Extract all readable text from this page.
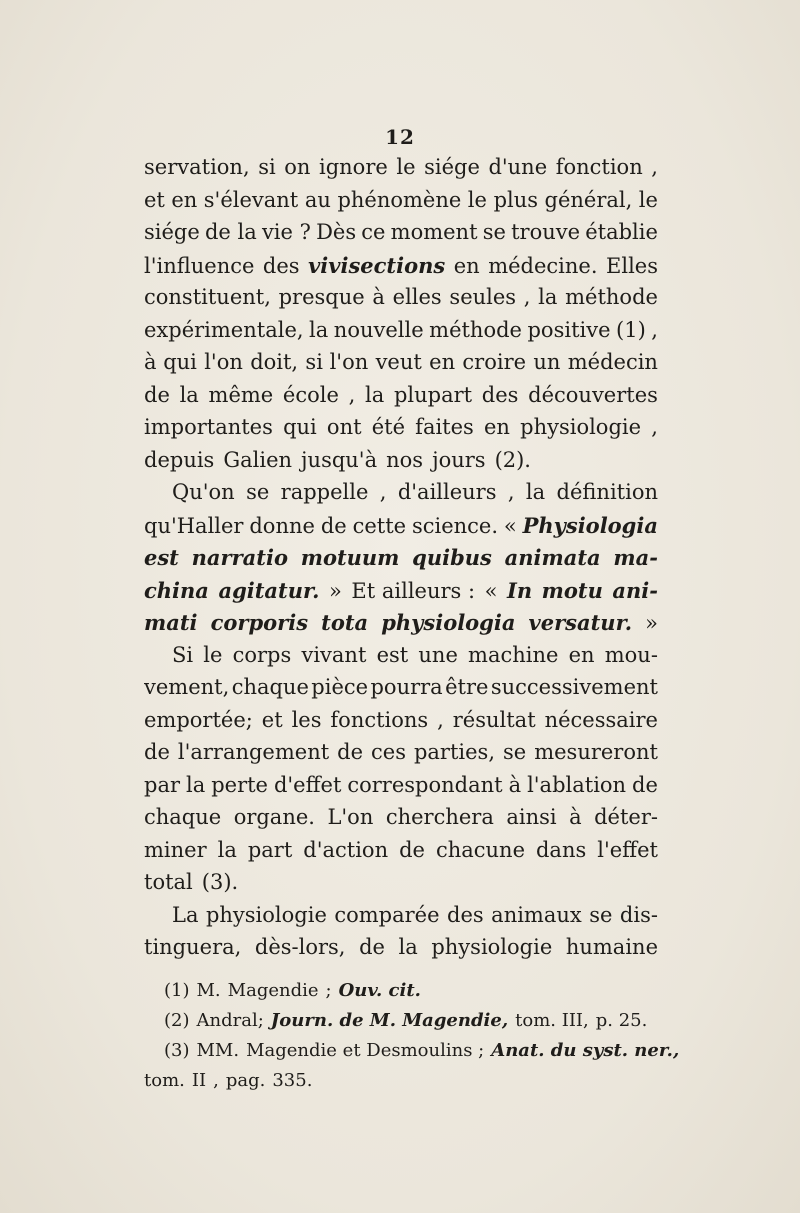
12
servation, si on ignore le siége d'une fonction ,
et en s'élevant au phénomène le plus général, le
siége de la vie ? Dès ce moment se trouve établie
l'influence des vivisections en médecine. Elles
constituent, presque à elles seules , la méthode
expérimentale, la nouvelle méthode positive (1) ,
à qui l'on doit, si l'on veut en croire un médecin
de la même école , la plupart des découvertes
importantes qui ont été faites en physiologie ,
depuis Galien jusqu'à nos jours (2).
Qu'on se rappelle , d'ailleurs , la définition
qu'Haller donne de cette science. « Physiologia
est narratio motuum quibus animata ma-
china agitatur. » Et ailleurs : « In motu ani-
mati corporis tota physiologia versatur. »
Si le corps vivant est une machine en mou-
vement, chaque pièce pourra être successivement
emportée; et les fonctions , résultat nécessaire
de l'arrangement de ces parties, se mesureront
par la perte d'effet correspondant à l'ablation de
chaque organe. L'on cherchera ainsi à déter-
miner la part d'action de chacune dans l'effet
total (3).
La physiologie comparée des animaux se dis-
tinguera, dès-lors, de la physiologie humaine
(1) M. Magendie ; Ouv. cit.
(2) Andral; Journ. de M. Magendie, tom. III, p. 25.
(3) MM. Magendie et Desmoulins ; Anat. du syst. ner.,
tom. II , pag. 335.
